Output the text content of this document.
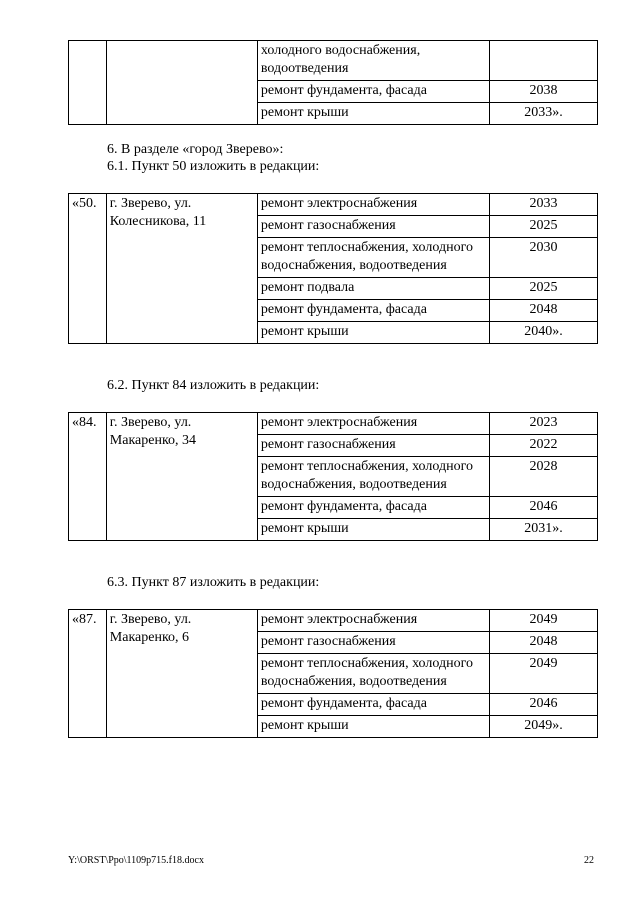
		холодного водоснабжения, водоотведения	
		ремонт фундамента, фасада	2038
		ремонт крыши	2033».
6. В разделе «город Зверево»:
6.1. Пункт 50 изложить в редакции:
«50.	г. Зверево, ул. Колесникова, 11	ремонт электроснабжения	2033
		ремонт газоснабжения	2025
		ремонт теплоснабжения, холодного водоснабжения, водоотведения	2030
		ремонт подвала	2025
		ремонт фундамента, фасада	2048
		ремонт крыши	2040».
6.2. Пункт 84 изложить в редакции:
«84.	г. Зверево, ул. Макаренко, 34	ремонт электроснабжения	2023
		ремонт газоснабжения	2022
		ремонт теплоснабжения, холодного водоснабжения, водоотведения	2028
		ремонт фундамента, фасада	2046
		ремонт крыши	2031».
6.3. Пункт 87 изложить в редакции:
«87.	г. Зверево, ул. Макаренко, 6	ремонт электроснабжения	2049
		ремонт газоснабжения	2048
		ремонт теплоснабжения, холодного водоснабжения, водоотведения	2049
		ремонт фундамента, фасада	2046
		ремонт крыши	2049».
Y:\ORST\Ppo\1109p715.f18.docx	22
